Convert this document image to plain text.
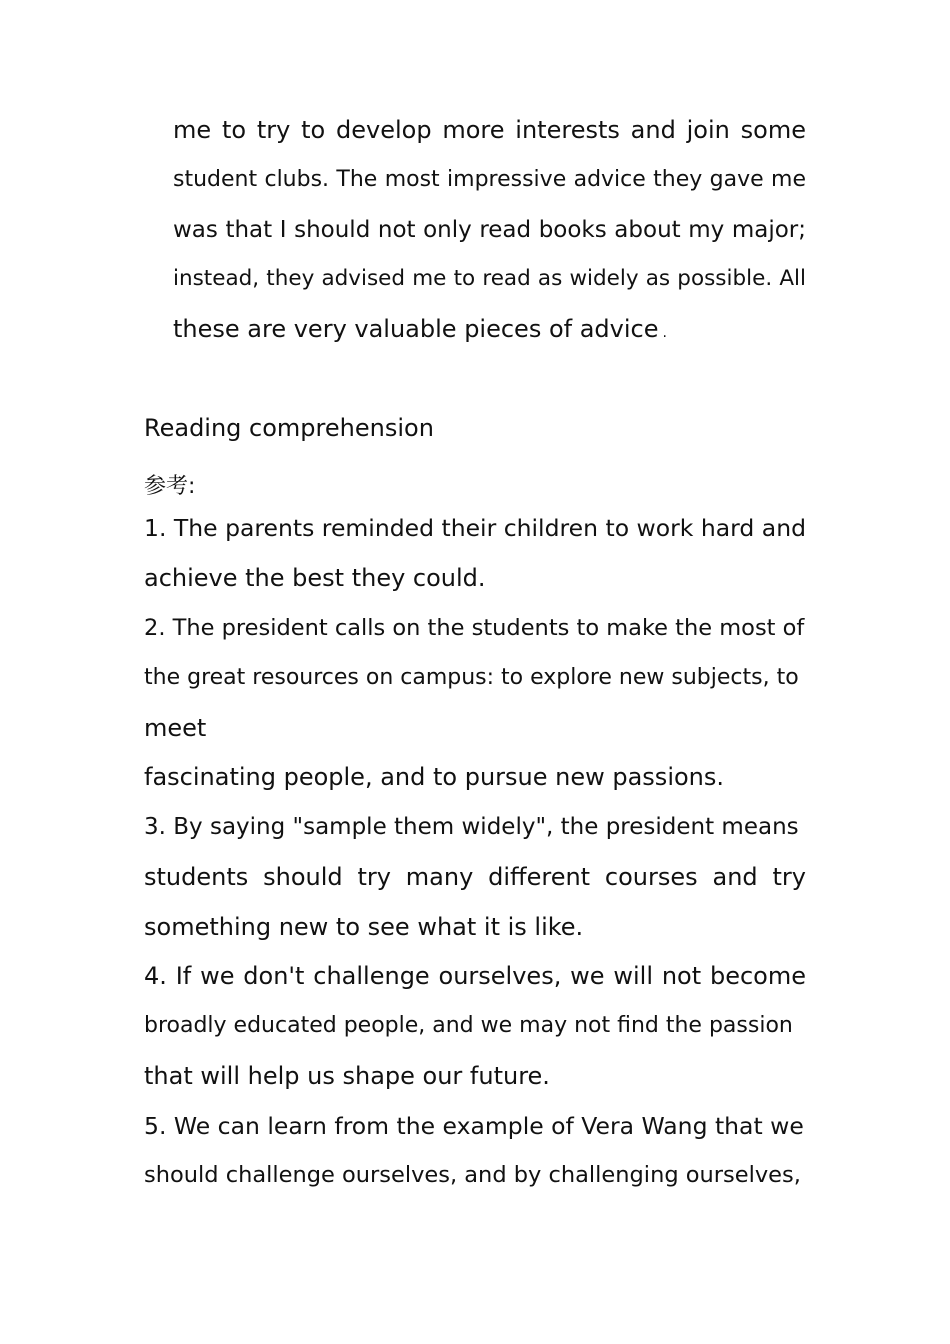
me to try to develop more interests and join some
student clubs. The most impressive advice they gave me
was that I should not only read books about my major;
instead, they advised me to read as widely as possible. All
these are very valuable pieces of advice .
Reading comprehension
参考:
1. The parents reminded their children to work hard and
achieve the best they could.
2. The president calls on the students to make the most of
the great resources on campus: to explore new subjects, to
meet
fascinating people, and to pursue new passions.
3. By saying "sample them widely", the president means
students should try many different courses and try
something new to see what it is like.
4. If we don't challenge ourselves, we will not become
broadly educated people, and we may not find the passion
that will help us shape our future.
5. We can learn from the example of Vera Wang that we
should challenge ourselves, and by challenging ourselves,
